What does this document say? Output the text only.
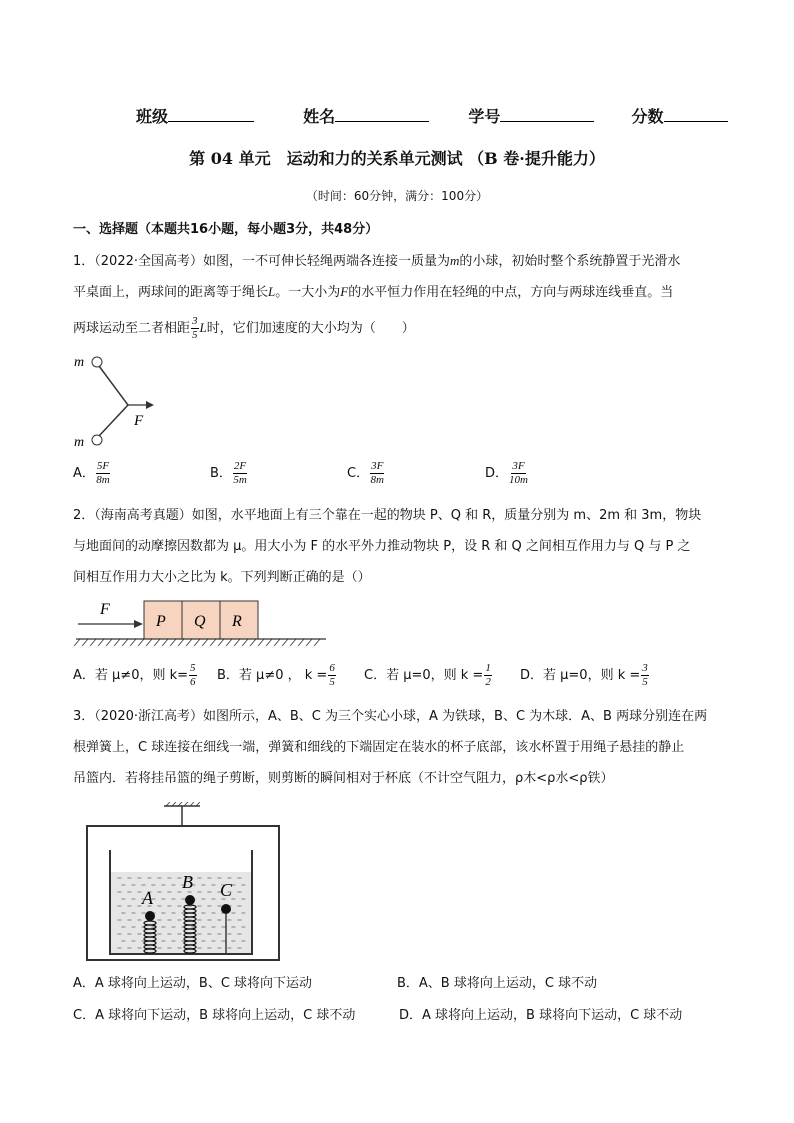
班级	姓名	学号	分数
第 04 单元　运动和力的关系单元测试 （B 卷·提升能力）
（时间：60分钟，满分：100分）
一、选择题（本题共16小题，每小题3分，共48分）
1．（2022·全国高考）如图，一不可伸长轻绳两端各连接一质量为m的小球，初始时整个系统静置于光滑水
平桌面上，两球间的距离等于绳长L。一大小为F的水平恒力作用在轻绳的中点，方向与两球连线垂直。当
两球运动至二者相距 $\frac{3}{5}$ L时，它们加速度的大小均为（　　）
m
m
F
A． $\frac{5F}{8m}$	B． $\frac{2F}{5m}$	C． $\frac{3F}{8m}$	D． $\frac{3F}{10m}$
2．（海南高考真题）如图，水平地面上有三个靠在一起的物块 P、Q 和 R，质量分别为 m、2m 和 3m，物块
与地面间的动摩擦因数都为 μ。用大小为 F 的水平外力推动物块 P，设 R 和 Q 之间相互作用力与 Q 与 P 之
间相互作用力大小之比为 k。下列判断正确的是（）
F
P Q R
A．若 μ≠0，则 $k= \frac{5}{6}$ B．若 μ≠0 ， $k = \frac{6}{5}$ C．若 μ=0，则 $k = \frac{1}{2}$ D．若 μ=0，则 $k = \frac{3}{5}$
3．（2020·浙江高考）如图所示，A、B、C 为三个实心小球，A 为铁球，B、C 为木球．A、B 两球分别连在两
根弹簧上，C 球连接在细线一端，弹簧和细线的下端固定在装水的杯子底部，该水杯置于用绳子悬挂的静止
吊篮内．若将挂吊篮的绳子剪断，则剪断的瞬间相对于杯底（不计空气阻力，ρ木<ρ水<ρ铁）
A
B C
A．A 球将向上运动，B、C 球将向下运动	B．A、B 球将向上运动，C 球不动
C．A 球将向下运动，B 球将向上运动，C 球不动	D．A 球将向上运动，B 球将向下运动，C 球不动
